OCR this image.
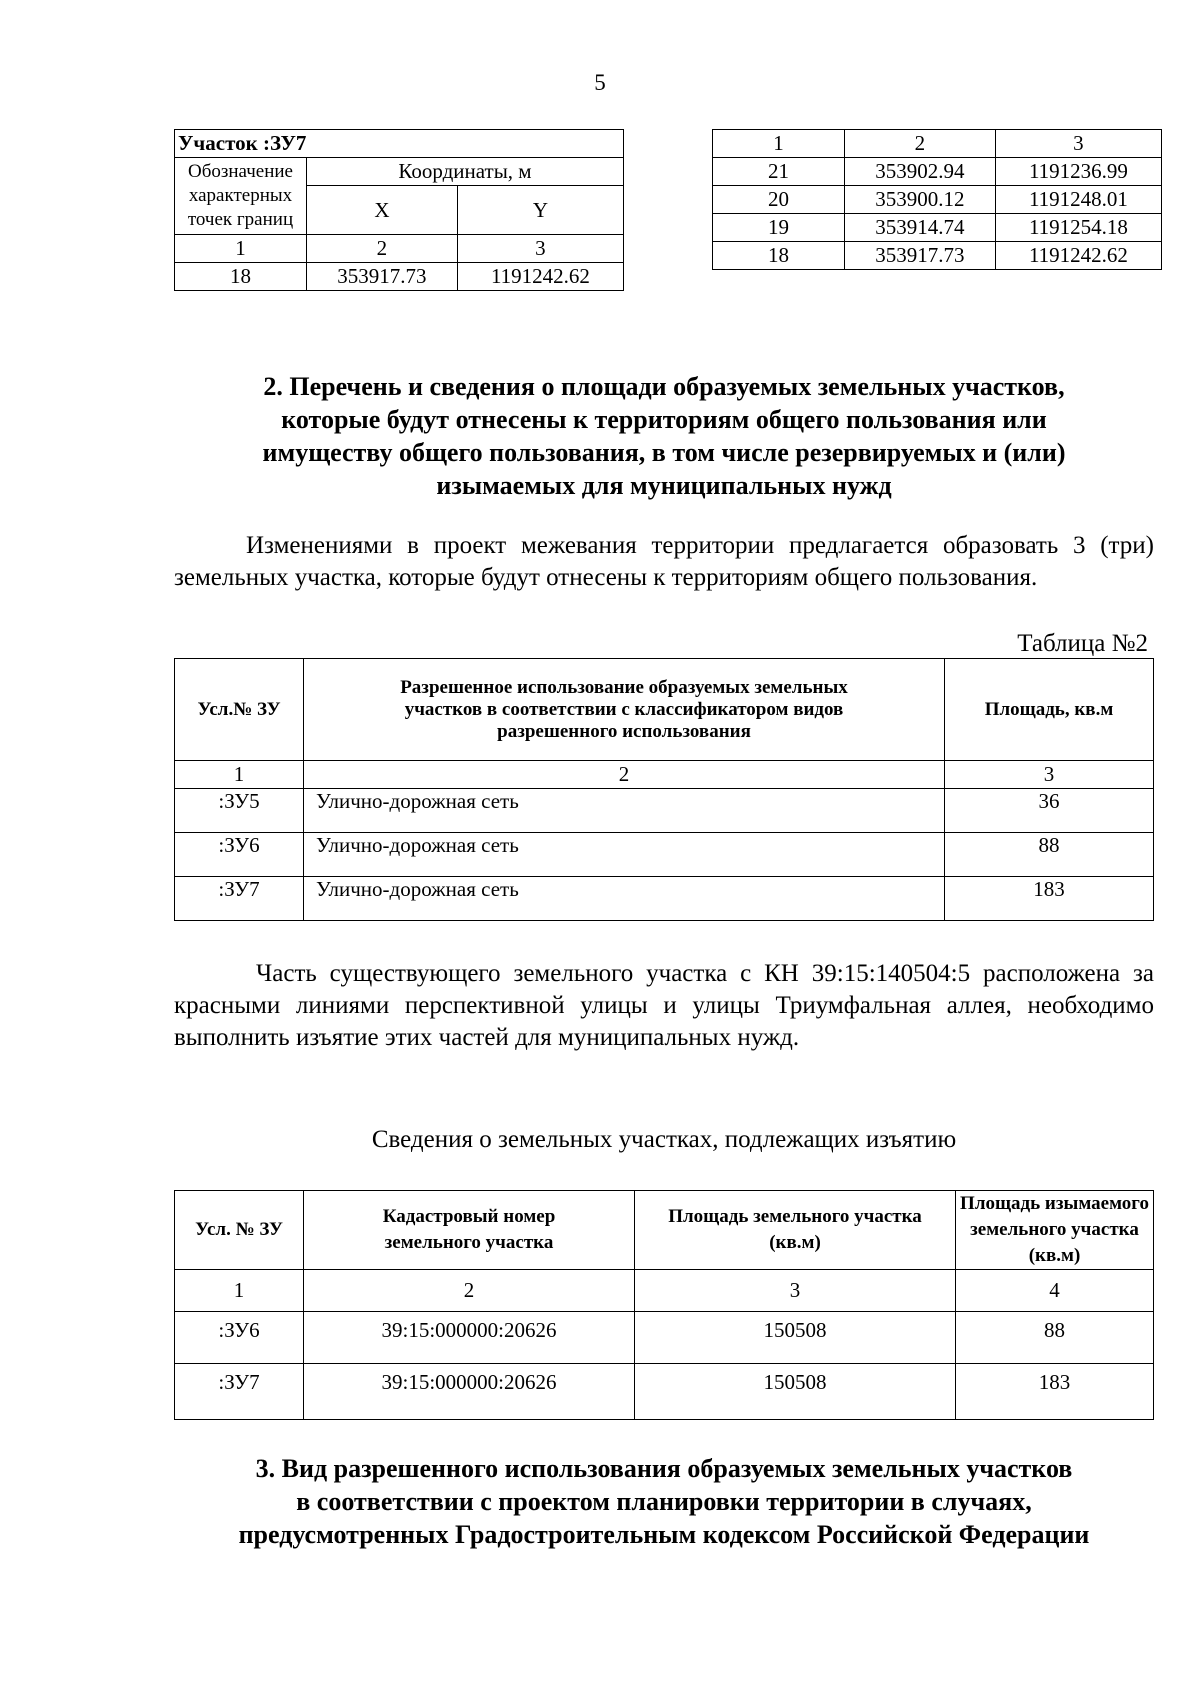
5
Участок :ЗУ7		
Обозначение характерных точек границ	Координаты, м	
	X	Y
1	2	3
18	353917.73	1191242.62
1	2	3
21	353902.94	1191236.99
20	353900.12	1191248.01
19	353914.74	1191254.18
18	353917.73	1191242.62
2. Перечень и сведения о площади образуемых земельных участков,
которые будут отнесены к территориям общего пользования или
имуществу общего пользования, в том числе резервируемых и (или)
изымаемых для муниципальных нужд
Изменениями в проект межевания территории предлагается образовать 3 (три) земельных участка, которые будут отнесены к территориям общего пользования.
Таблица №2
Усл.№ ЗУ	Разрешенное использование образуемых земельных участков в соответствии с классификатором видов разрешенного использования	Площадь, кв.м
1	2	3
:ЗУ5	Улично-дорожная сеть	36
:ЗУ6	Улично-дорожная сеть	88
:ЗУ7	Улично-дорожная сеть	183
Часть существующего земельного участка с КН 39:15:140504:5 расположена за красными линиями перспективной улицы и улицы Триумфальная аллея, необходимо выполнить изъятие этих частей для муниципальных нужд.
Сведения о земельных участках, подлежащих изъятию
Усл. № ЗУ	Кадастровый номер земельного участка	Площадь земельного участка (кв.м)	Площадь изымаемого земельного участка (кв.м)
1	2	3	4
:ЗУ6	39:15:000000:20626	150508	88
:ЗУ7	39:15:000000:20626	150508	183
3. Вид разрешенного использования образуемых земельных участков
в соответствии с проектом планировки территории в случаях,
предусмотренных Градостроительным кодексом Российской Федерации
